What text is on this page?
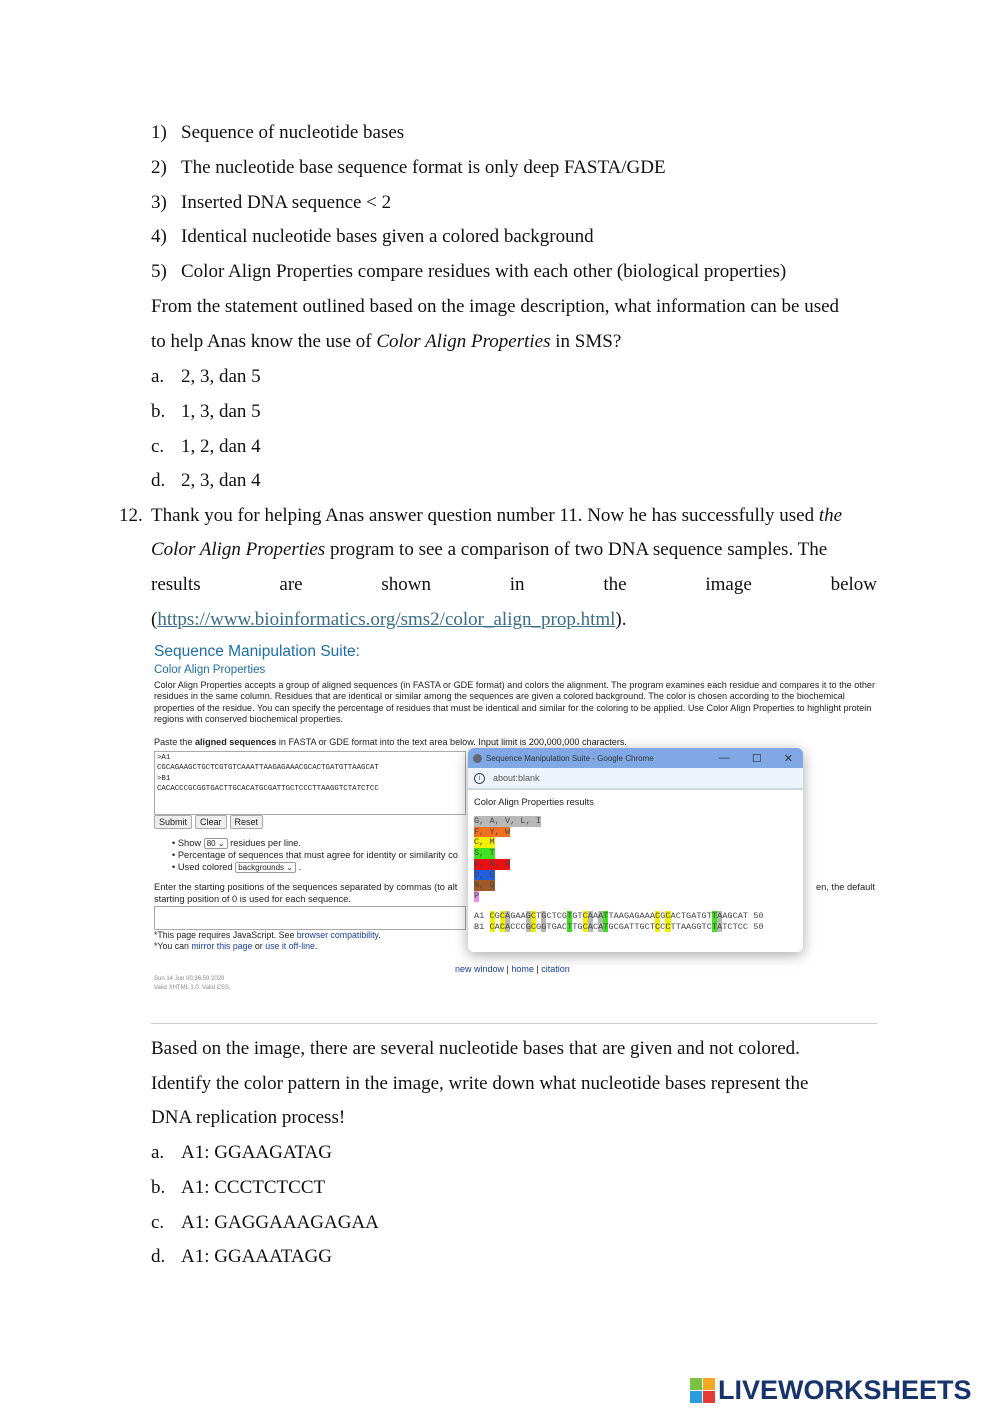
1) Sequence of nucleotide bases
2) The nucleotide base sequence format is only deep FASTA/GDE
3) Inserted DNA sequence < 2
4) Identical nucleotide bases given a colored background
5) Color Align Properties compare residues with each other (biological properties)
From the statement outlined based on the image description, what information can be used
to help Anas know the use of Color Align Properties in SMS?
a. 2, 3, dan 5
b. 1, 3, dan 5
c. 1, 2, dan 4
d. 2, 3, dan 4
12. Thank you for helping Anas answer question number 11. Now he has successfully used the
Color Align Properties program to see a comparison of two DNA sequence samples. The
results	are	shown	in	the	image	below
(https://www.bioinformatics.org/sms2/color_align_prop.html).
Sequence Manipulation Suite:
Color Align Properties
Color Align Properties accepts a group of aligned sequences (in FASTA or GDE format) and colors the alignment. The program examines each residue and compares it to the other residues in the same column. Residues that are identical or similar among the sequences are given a colored background. The color is chosen according to the biochemical properties of the residue. You can specify the percentage of residues that must be identical and similar for the coloring to be applied. Use Color Align Properties to highlight protein regions with conserved biochemical properties.
Paste the aligned sequences in FASTA or GDE format into the text area below. Input limit is 200,000,000 characters.
>A1
CGCAGAAGCTGCTCGTGTCAAATTAAGAGAAACGCACTGATGTTAAGCAT
>B1
CACACCCGCGGTGACTTGCACATGCGATTGCTCCCTTAAGGTCTATCTCC
Submit	Clear	Reset
• Show 80 ⌄ residues per line.
• Percentage of sequences that must agree for identity or similarity co
• Used colored backgrounds ⌄ .
Enter the starting positions of the sequences separated by commas (to alt	en, the default
starting position of 0 is used for each sequence.
*This page requires JavaScript. See browser compatibility.
*You can mirror this page or use it off-line.
new window | home | citation
Sun 14 Jun 00:36:59 2020
Valid XHTML 1.0. Valid CSS.
Sequence Manipulation Suite - Google Chrome	— ☐ ✕
i	about:blank
Color Align Properties results
G, A, V, L, I
F, Y, W
C, M
S, T
K, R, H
D, E
N, Q
P
A1 CGCAGAAGCTGCTCGTGTCAAATTAAGAGAAACGCACTGATGTTAAGCAT 50
B1 CACACCCGCGGTGACTTGCACATGCGATTGCTCCCTTAAGGTCTATCTCC 50
Based on the image, there are several nucleotide bases that are given and not colored.
Identify the color pattern in the image, write down what nucleotide bases represent the
DNA replication process!
a. A1: GGAAGATAG
b. A1: CCCTCTCCT
c. A1: GAGGAAAGAGAA
d. A1: GGAAATAGG
LIVEWORKSHEETS
